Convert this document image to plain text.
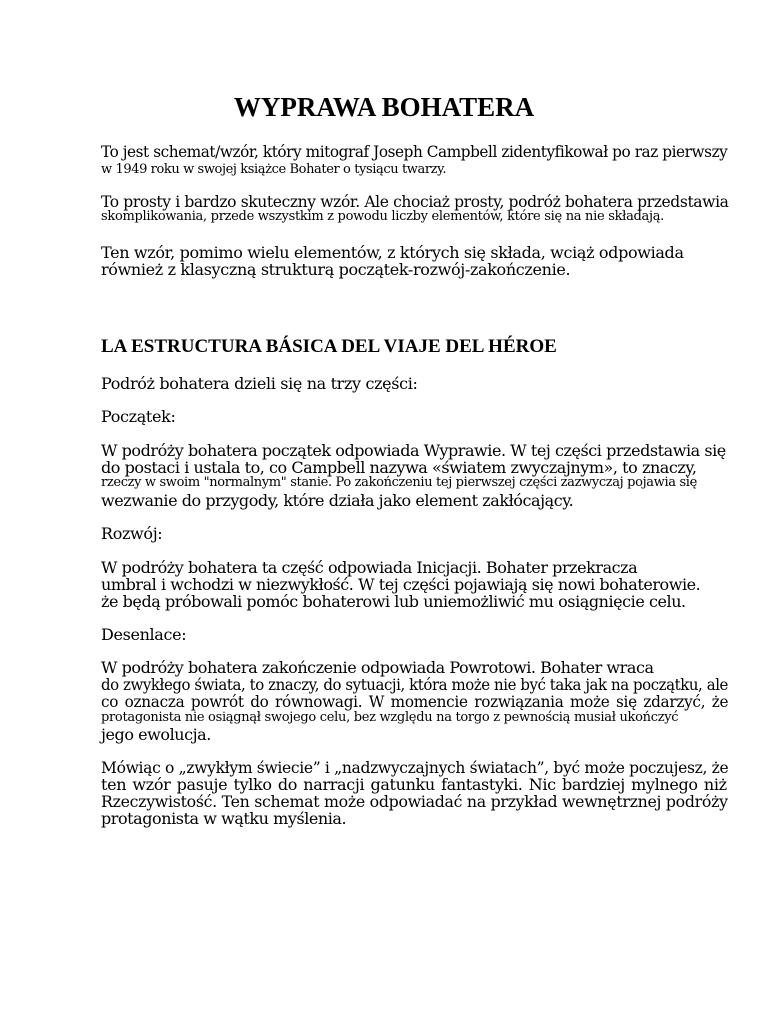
WYPRAWA BOHATERA
To jest schemat/wzór, który mitograf Joseph Campbell zidentyfikował po raz pierwszy
w 1949 roku w swojej książce Bohater o tysiącu twarzy.
To prosty i bardzo skuteczny wzór. Ale chociaż prosty, podróż bohatera przedstawia
skomplikowania, przede wszystkim z powodu liczby elementów, które się na nie składają.
Ten wzór, pomimo wielu elementów, z których się składa, wciąż odpowiada
również z klasyczną strukturą początek-rozwój-zakończenie.
LA ESTRUCTURA BÁSICA DEL VIAJE DEL HÉROE
Podróż bohatera dzieli się na trzy części:
Początek:
W podróży bohatera początek odpowiada Wyprawie. W tej części przedstawia się
do postaci i ustala to, co Campbell nazywa «światem zwyczajnym», to znaczy,
rzeczy w swoim "normalnym" stanie. Po zakończeniu tej pierwszej części zazwyczaj pojawia się
wezwanie do przygody, które działa jako element zakłócający.
Rozwój:
W podróży bohatera ta część odpowiada Inicjacji. Bohater przekracza
umbral i wchodzi w niezwykłość. W tej części pojawiają się nowi bohaterowie.
że będą próbowali pomóc bohaterowi lub uniemożliwić mu osiągnięcie celu.
Desenlace:
W podróży bohatera zakończenie odpowiada Powrotowi. Bohater wraca
do zwykłego świata, to znaczy, do sytuacji, która może nie być taka jak na początku, ale
co oznacza powrót do równowagi. W momencie rozwiązania może się zdarzyć, że
protagonista nie osiągnął swojego celu, bez względu na torgo z pewnością musiał ukończyć
jego ewolucja.
Mówiąc o „zwykłym świecie” i „nadzwyczajnych światach”, być może poczujesz, że
ten wzór pasuje tylko do narracji gatunku fantastyki. Nic bardziej mylnego niż
Rzeczywistość. Ten schemat może odpowiadać na przykład wewnętrznej podróży
protagonista w wątku myślenia.
